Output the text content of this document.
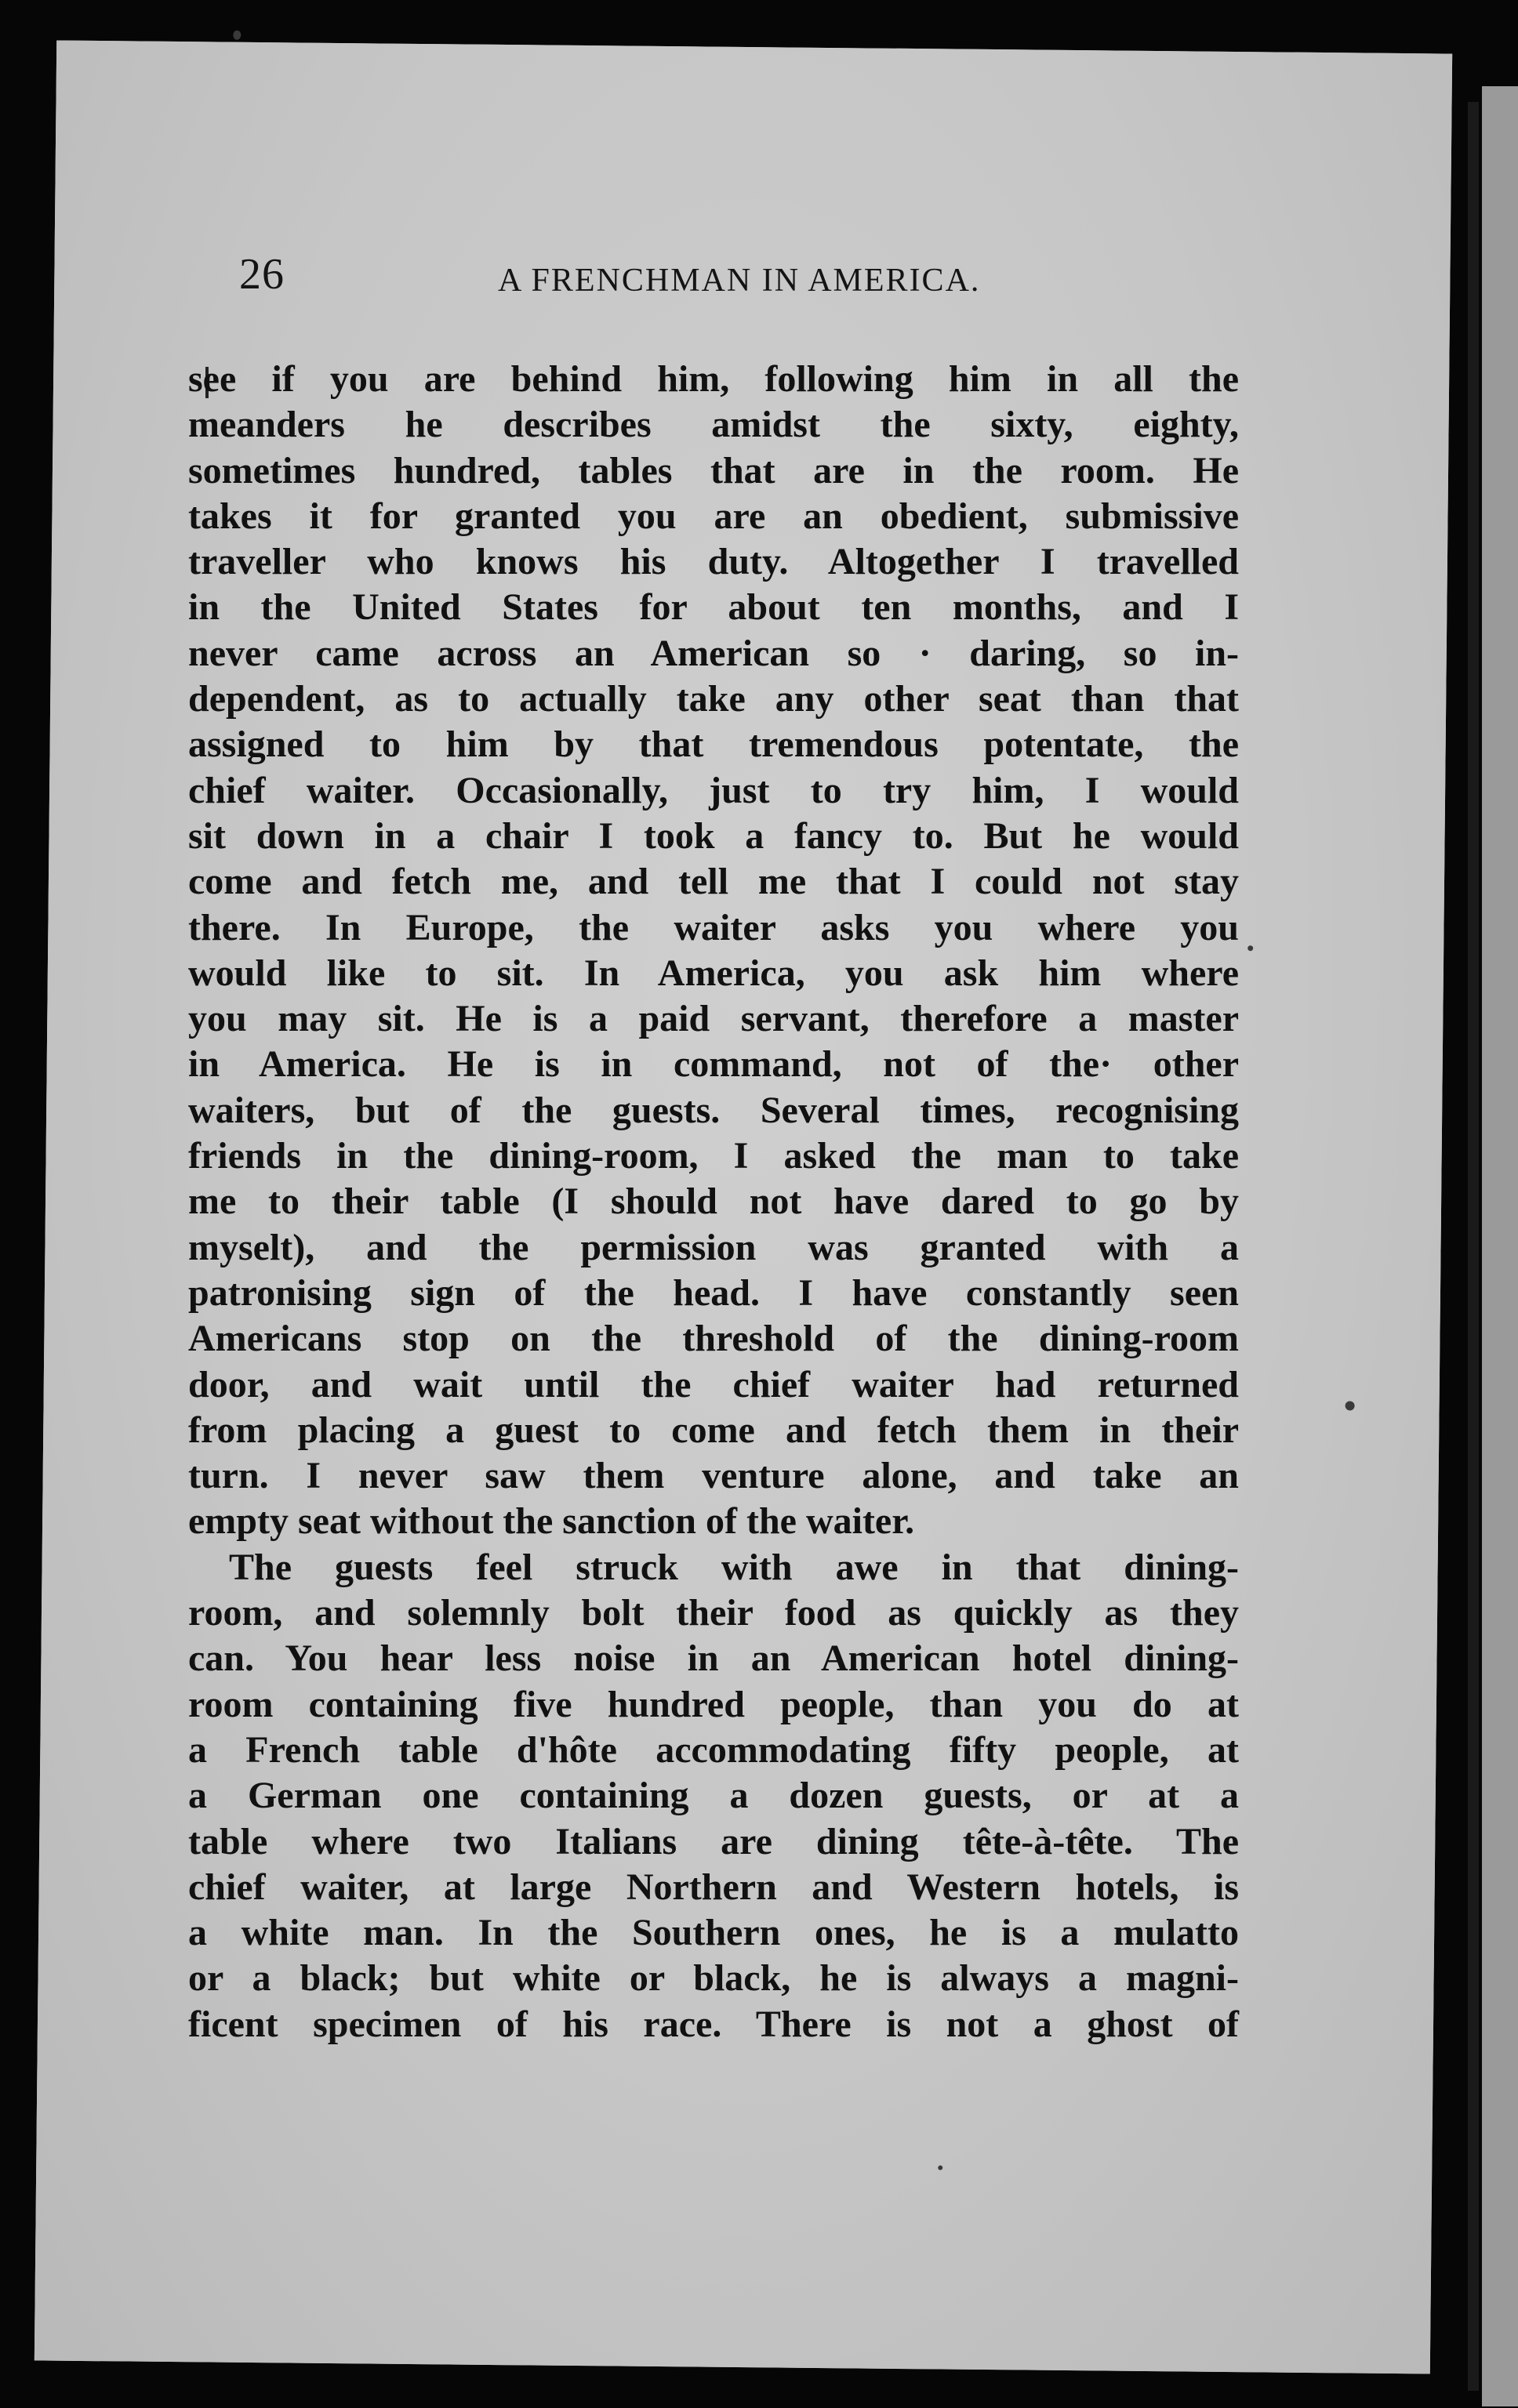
26	A FRENCHMAN IN AMERICA.
see if you are behind him, following him in all the
meanders he describes amidst the sixty, eighty,
sometimes hundred, tables that are in the room. He
takes it for granted you are an obedient, submissive
traveller who knows his duty. Altogether I travelled
in the United States for about ten months, and I
never came across an American so · daring, so in-
dependent, as to actually take any other seat than that
assigned to him by that tremendous potentate, the
chief waiter. Occasionally, just to try him, I would
sit down in a chair I took a fancy to. But he would
come and fetch me, and tell me that I could not stay
there. In Europe, the waiter asks you where you
would like to sit. In America, you ask him where
you may sit. He is a paid servant, therefore a master
in America. He is in command, not of the· other
waiters, but of the guests. Several times, recognising
friends in the dining-room, I asked the man to take
me to their table (I should not have dared to go by
myselt), and the permission was granted with a
patronising sign of the head. I have constantly seen
Americans stop on the threshold of the dining-room
door, and wait until the chief waiter had returned
from placing a guest to come and fetch them in their
turn. I never saw them venture alone, and take an
empty seat without the sanction of the waiter.
The guests feel struck with awe in that dining-
room, and solemnly bolt their food as quickly as they
can. You hear less noise in an American hotel dining-
room containing five hundred people, than you do at
a French table d'hôte accommodating fifty people, at
a German one containing a dozen guests, or at a
table where two Italians are dining tête-à-tête. The
chief waiter, at large Northern and Western hotels, is
a white man. In the Southern ones, he is a mulatto
or a black; but white or black, he is always a magni-
ficent specimen of his race. There is not a ghost of
